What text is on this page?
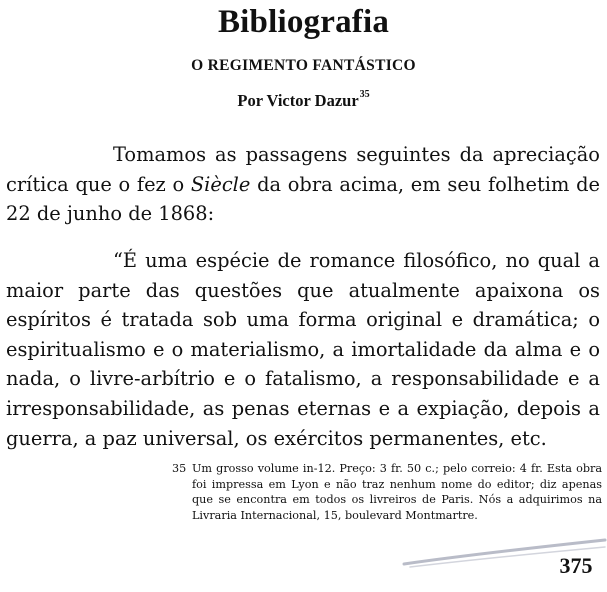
Bibliografia
O REGIMENTO FANTÁSTICO
Por Victor Dazur$^{35}$
Tomamos as passagens seguintes da apreciação crítica que o fez o Siècle da obra acima, em seu folhetim de 22 de junho de 1868:
“É uma espécie de romance filosófico, no qual a maior parte das questões que atualmente apaixona os espíritos é tratada sob uma forma original e dramática; o espiritualismo e o materialismo, a imortalidade da alma e o nada, o livre-arbítrio e o fatalismo, a responsabilidade e a irresponsabilidade, as penas eternas e a expiação, depois a guerra, a paz universal, os exércitos permanentes, etc.
35 Um grosso volume in-12. Preço: 3 fr. 50 c.; pelo correio: 4 fr. Esta obra foi impressa em Lyon e não traz nenhum nome do editor; diz apenas que se encontra em todos os livreiros de Paris. Nós a adquirimos na Livraria Internacional, 15, boulevard Montmartre.
375
